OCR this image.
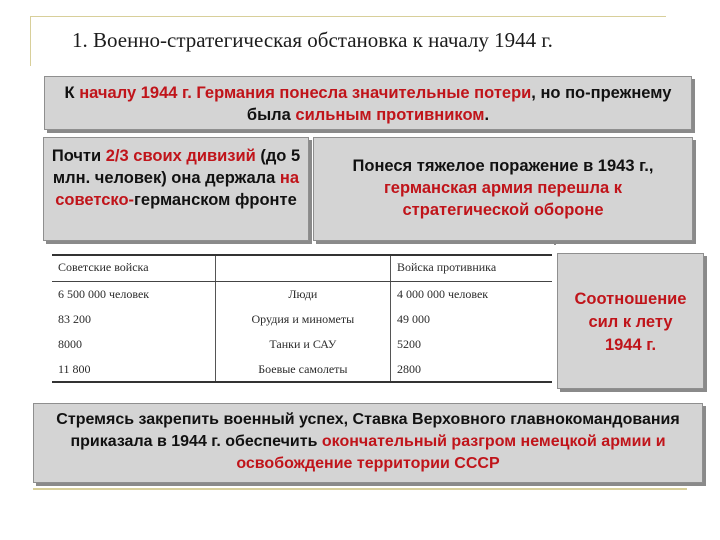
1. Военно-стратегическая обстановка к началу 1944 г.
К началу 1944 г. Германия понесла значительные потери, но по-прежнему была сильным противником.
Почти 2/3 своих дивизий (до 5 млн. человек) она держала на советско-германском фронте
Понеся тяжелое поражение в 1943 г.,
германская армия перешла к стратегической обороне
Советские войска		Войска противника
6 500 000 человек	Люди	4 000 000 человек
83 200	Орудия и минометы	49 000
8000	Танки и САУ	5200
11 800	Боевые самолеты	2800
Соотношение сил к лету 1944 г.
Стремясь закрепить военный успех, Ставка Верховного главнокомандования приказала в 1944 г. обеспечить окончательный разгром немецкой армии и освобождение территории СССР
